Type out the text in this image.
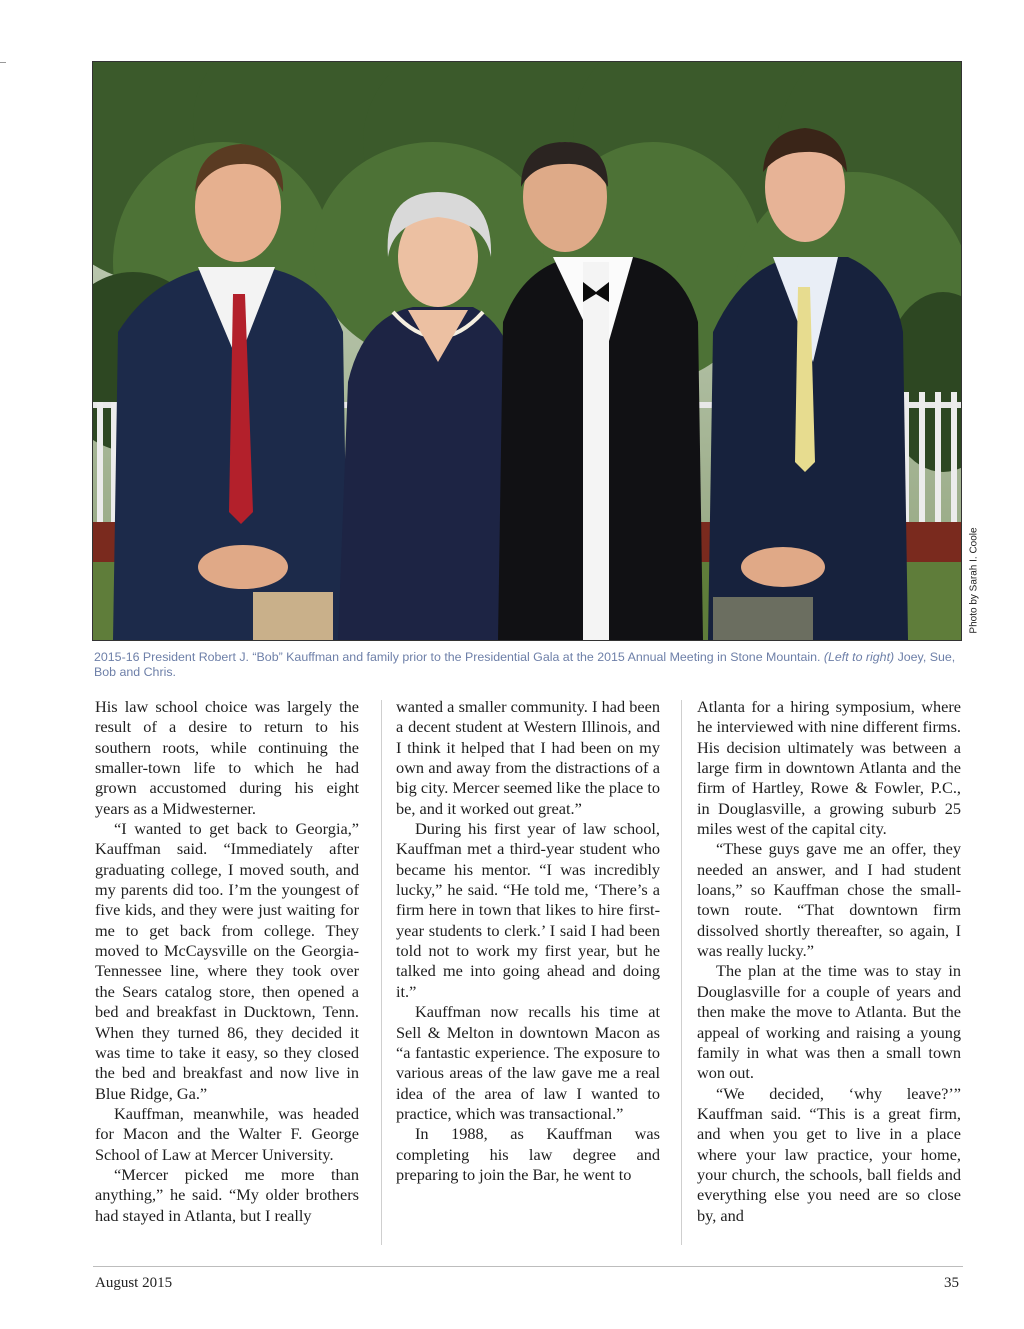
Photo by Sarah I. Coole
2015-16 President Robert J. “Bob” Kauffman and family prior to the Presidential Gala at the 2015 Annual Meeting in Stone Mountain. (Left to right) Joey, Sue, Bob and Chris.

His law school choice was largely the result of a desire to return to his southern roots, while continuing the smaller-town life to which he had grown accustomed during his eight years as a Midwesterner.

“I wanted to get back to Georgia,” Kauffman said. “Immediately after graduating college, I moved south, and my parents did too. I’m the youngest of five kids, and they were just waiting for me to get back from college. They moved to McCaysville on the Georgia-Tennessee line, where they took over the Sears catalog store, then opened a bed and breakfast in Ducktown, Tenn. When they turned 86, they decided it was time to take it easy, so they closed the bed and breakfast and now live in Blue Ridge, Ga.”

Kauffman, meanwhile, was headed for Macon and the Walter F. George School of Law at Mercer University.

“Mercer picked me more than anything,” he said. “My older brothers had stayed in Atlanta, but I really

wanted a smaller community. I had been a decent student at Western Illinois, and I think it helped that I had been on my own and away from the distractions of a big city. Mercer seemed like the place to be, and it worked out great.”

During his first year of law school, Kauffman met a third-year student who became his mentor. “I was incredibly lucky,” he said. “He told me, ‘There’s a firm here in town that likes to hire first-year students to clerk.’ I said I had been told not to work my first year, but he talked me into going ahead and doing it.”

Kauffman now recalls his time at Sell & Melton in downtown Macon as “a fantastic experience. The exposure to various areas of the law gave me a real idea of the area of law I wanted to practice, which was transactional.”

In 1988, as Kauffman was completing his law degree and preparing to join the Bar, he went to

Atlanta for a hiring symposium, where he interviewed with nine different firms. His decision ultimately was between a large firm in downtown Atlanta and the firm of Hartley, Rowe & Fowler, P.C., in Douglasville, a growing suburb 25 miles west of the capital city.

“These guys gave me an offer, they needed an answer, and I had student loans,” so Kauffman chose the small-town route. “That downtown firm dissolved shortly thereafter, so again, I was really lucky.”

The plan at the time was to stay in Douglasville for a couple of years and then make the move to Atlanta. But the appeal of working and raising a young family in what was then a small town won out.

“We decided, ‘why leave?’” Kauffman said. “This is a great firm, and when you get to live in a place where your law practice, your home, your church, the schools, ball fields and everything else you need are so close by, and

August 2015	35
